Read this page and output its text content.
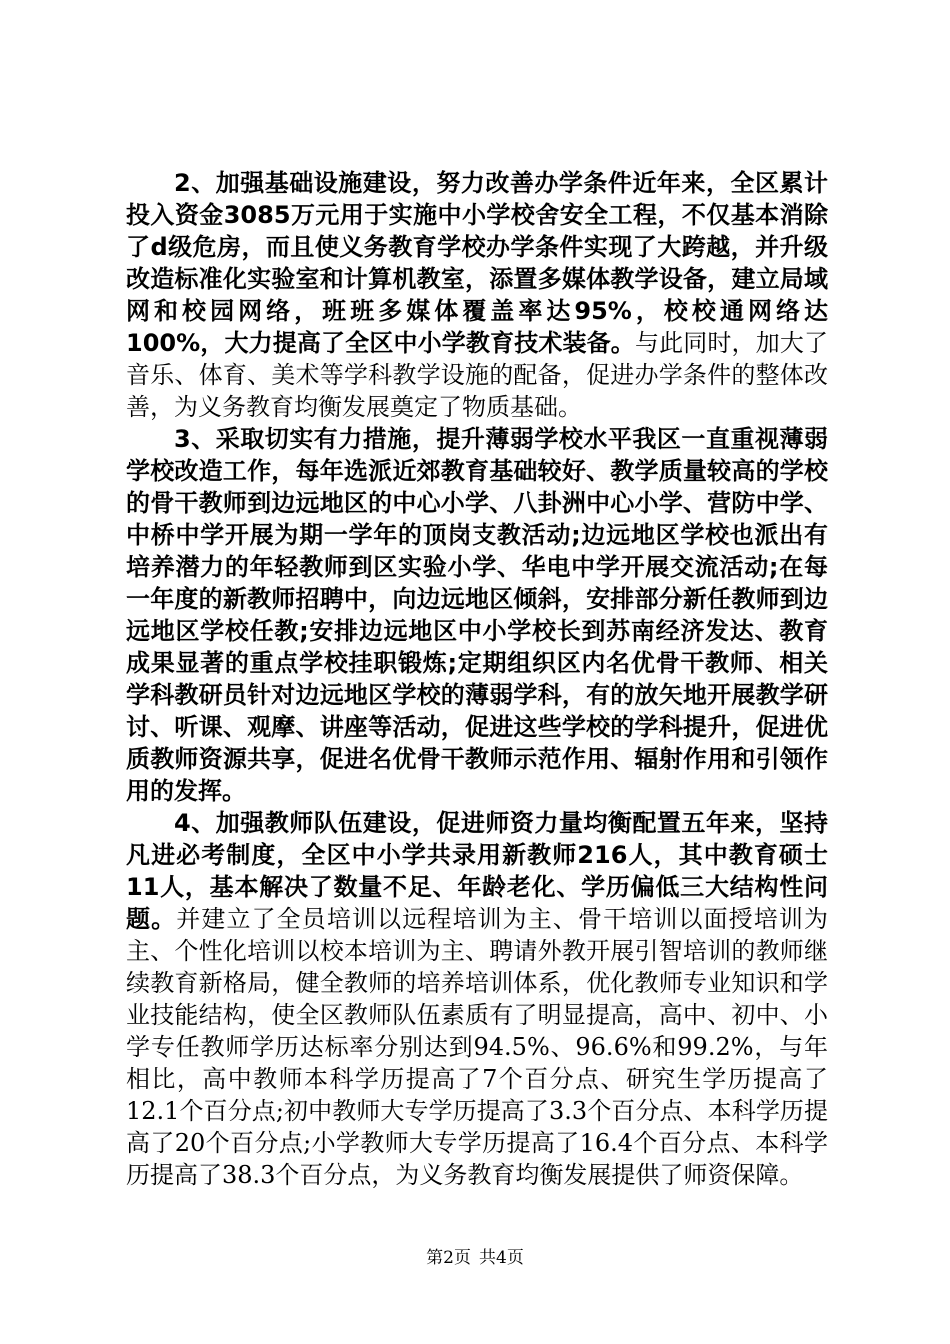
2、加强基础设施建设，努力改善办学条件近年来，全区累计投入资金3085万元用于实施中小学校舍安全工程，不仅基本消除了d级危房，而且使义务教育学校办学条件实现了大跨越，并升级改造标准化实验室和计算机教室，添置多媒体教学设备，建立局域网和校园网络，班班多媒体覆盖率达95%，校校通网络达100%，大力提高了全区中小学教育技术装备。与此同时，加大了音乐、体育、美术等学科教学设施的配备，促进办学条件的整体改善，为义务教育均衡发展奠定了物质基础。

3、采取切实有力措施，提升薄弱学校水平我区一直重视薄弱学校改造工作，每年选派近郊教育基础较好、教学质量较高的学校的骨干教师到边远地区的中心小学、八卦洲中心小学、营防中学、中桥中学开展为期一学年的顶岗支教活动;边远地区学校也派出有培养潜力的年轻教师到区实验小学、华电中学开展交流活动;在每一年度的新教师招聘中，向边远地区倾斜，安排部分新任教师到边远地区学校任教;安排边远地区中小学校长到苏南经济发达、教育成果显著的重点学校挂职锻炼;定期组织区内名优骨干教师、相关学科教研员针对边远地区学校的薄弱学科，有的放矢地开展教学研讨、听课、观摩、讲座等活动，促进这些学校的学科提升，促进优质教师资源共享，促进名优骨干教师示范作用、辐射作用和引领作用的发挥。

4、加强教师队伍建设，促进师资力量均衡配置五年来，坚持凡进必考制度，全区中小学共录用新教师216人，其中教育硕士11人，基本解决了数量不足、年龄老化、学历偏低三大结构性问题。并建立了全员培训以远程培训为主、骨干培训以面授培训为主、个性化培训以校本培训为主、聘请外教开展引智培训的教师继续教育新格局，健全教师的培养培训体系，优化教师专业知识和学业技能结构，使全区教师队伍素质有了明显提高，高中、初中、小学专任教师学历达标率分别达到94.5%、96.6%和99.2%，与年相比，高中教师本科学历提高了7个百分点、研究生学历提高了12.1个百分点;初中教师大专学历提高了3.3个百分点、本科学历提高了20个百分点;小学教师大专学历提高了16.4个百分点、本科学历提高了38.3个百分点，为义务教育均衡发展提供了师资保障。

第2页 共4页
